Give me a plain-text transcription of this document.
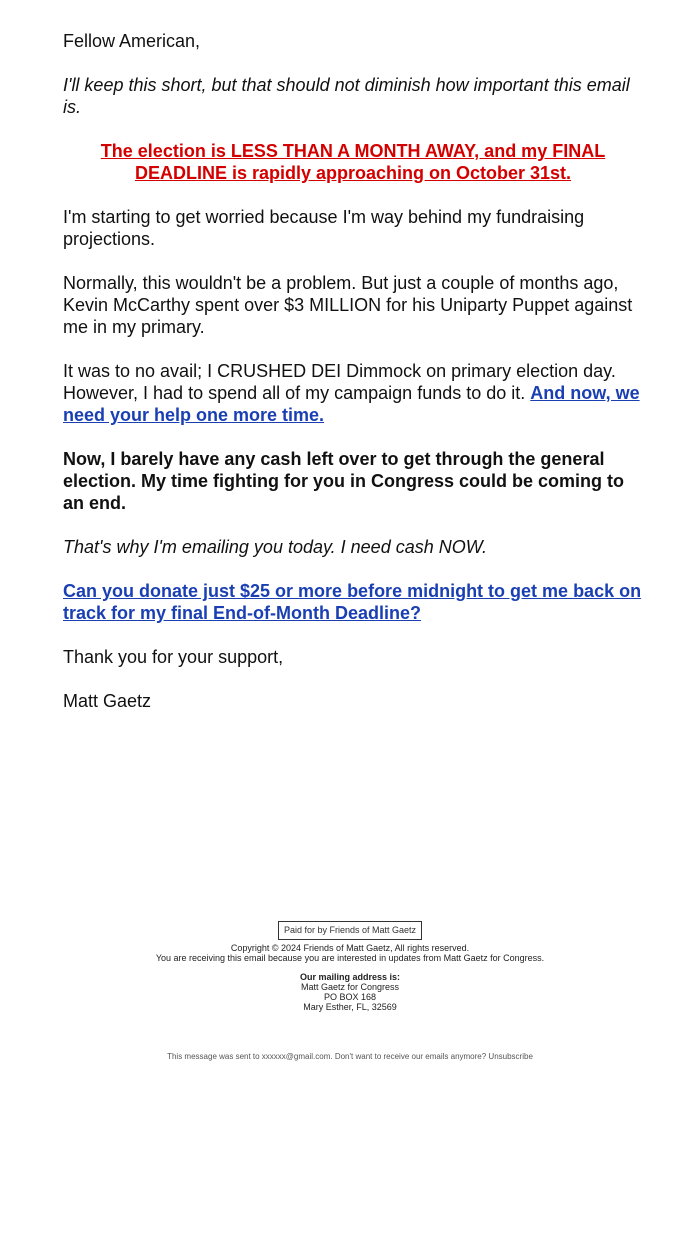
Fellow American,

I'll keep this short, but that should not diminish how important this email is.

The election is LESS THAN A MONTH AWAY, and my FINAL DEADLINE is rapidly approaching on October 31st.

I'm starting to get worried because I'm way behind my fundraising projections.

Normally, this wouldn't be a problem. But just a couple of months ago, Kevin McCarthy spent over $3 MILLION for his Uniparty Puppet against me in my primary.

It was to no avail; I CRUSHED DEI Dimmock on primary election day. However, I had to spend all of my campaign funds to do it. And now, we need your help one more time.

Now, I barely have any cash left over to get through the general election. My time fighting for you in Congress could be coming to an end.

That's why I'm emailing you today. I need cash NOW.

Can you donate just $25 or more before midnight to get me back on track for my final End-of-Month Deadline?

Thank you for your support,

Matt Gaetz

Paid for by Friends of Matt Gaetz
Copyright © 2024 Friends of Matt Gaetz, All rights reserved.
You are receiving this email because you are interested in updates from Matt Gaetz for Congress.
Our mailing address is:
Matt Gaetz for Congress
PO BOX 168
Mary Esther, FL, 32569
This message was sent to xxxxxx@gmail.com. Don't want to receive our emails anymore? Unsubscribe
